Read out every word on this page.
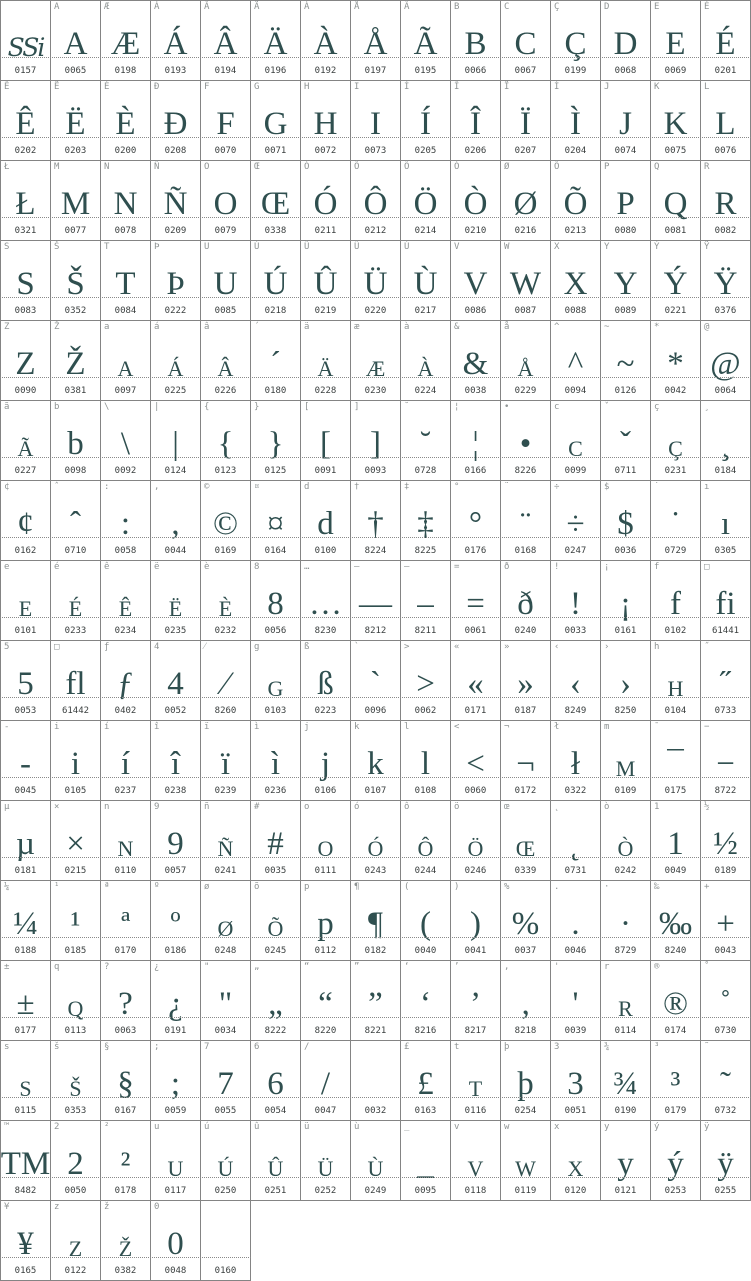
SSi
0157
A
A
0065
Æ
Æ
0198
Á
Á
0193
Â
Â
0194
Ä
Ä
0196
À
À
0192
Å
Å
0197
Ã
Ã
0195
B
B
0066
C
C
0067
Ç
Ç
0199
D
D
0068
E
E
0069
É
É
0201
Ê
Ê
0202
Ë
Ë
0203
È
È
0200
Ð
Ð
0208
F
F
0070
G
G
0071
H
H
0072
I
I
0073
Í
Í
0205
Î
Î
0206
Ï
Ï
0207
Ì
Ì
0204
J
J
0074
K
K
0075
L
L
0076
Ł
Ł
0321
M
M
0077
N
N
0078
Ñ
Ñ
0209
O
O
0079
Œ
Œ
0338
Ó
Ó
0211
Ô
Ô
0212
Ö
Ö
0214
Ò
Ò
0210
Ø
Ø
0216
Õ
Õ
0213
P
P
0080
Q
Q
0081
R
R
0082
S
S
0083
Š
Š
0352
T
T
0084
Þ
Þ
0222
U
U
0085
Ú
Ú
0218
Û
Û
0219
Ü
Ü
0220
Ù
Ù
0217
V
V
0086
W
W
0087
X
X
0088
Y
Y
0089
Ý
Ý
0221
Ÿ
Ÿ
0376
Z
Z
0090
Ž
Ž
0381
a
A
0097
á
Á
0225
â
Â
0226
´
´
0180
ä
Ä
0228
æ
Æ
0230
à
À
0224
&
&
0038
å
Å
0229
^
^
0094
~
~
0126
*
*
0042
@
@
0064
ã
Ã
0227
b
b
0098
\
\
0092
|
|
0124
{
{
0123
}
}
0125
[
[
0091
]
]
0093
˘
˘
0728
¦
¦
0166
•
•
8226
c
C
0099
ˇ
ˇ
0711
ç
Ç
0231
¸
¸
0184
¢
¢
0162
ˆ
ˆ
0710
:
:
0058
,
,
0044
©
©
0169
¤
¤
0164
d
d
0100
†
†
8224
‡
‡
8225
°
°
0176
¨
¨
0168
÷
÷
0247
$
$
0036
˙
˙
0729
ı
ı
0305
e
E
0101
é
É
0233
ê
Ê
0234
ë
Ë
0235
è
È
0232
8
8
0056
…
…
8230
—
—
8212
–
–
8211
=
=
0061
ð
ð
0240
!
!
0033
¡
¡
0161
f
f
0102
□
fi
61441
5
5
0053
□
fl
61442
ƒ
ƒ
0402
4
4
0052
⁄
⁄
8260
g
G
0103
ß
ß
0223
`
`
0096
>
>
0062
«
«
0171
»
»
0187
‹
‹
8249
›
›
8250
h
H
0104
˝
˝
0733
-
-
0045
i
i
0105
í
í
0237
î
î
0238
ï
ï
0239
ì
ì
0236
j
j
0106
k
k
0107
l
l
0108
<
<
0060
¬
¬
0172
ł
ł
0322
m
M
0109
¯
¯
0175
−
−
8722
µ
µ
0181
×
×
0215
n
N
0110
9
9
0057
ñ
Ñ
0241
#
#
0035
o
O
0111
ó
Ó
0243
ô
Ô
0244
ö
Ö
0246
œ
Œ
0339
˛
˛
0731
ò
Ò
0242
1
1
0049
½
½
0189
¼
¼
0188
¹
¹
0185
ª
ª
0170
º
º
0186
ø
Ø
0248
õ
Õ
0245
p
p
0112
¶
¶
0182
(
(
0040
)
)
0041
%
%
0037
.
.
0046
·
·
8729
‰
‰
8240
+
+
0043
±
±
0177
q
Q
0113
?
?
0063
¿
¿
0191
"
"
0034
„
„
8222
“
“
8220
”
”
8221
‘
‘
8216
’
’
8217
‚
‚
8218
'
'
0039
r
R
0114
®
®
0174
˚
˚
0730
s
S
0115
š
Š
0353
§
§
0167
;
;
0059
7
7
0055
6
6
0054
/
/
0047	0032
£
£
0163
t
T
0116
þ
þ
0254
3
3
0051
¾
¾
0190
³
³
0179
˜
˜
0732
™
TM
8482
2
2
0050
²
²
0178
u
U
0117
ú
Ú
0250
û
Û
0251
ü
Ü
0252
ù
Ù
0249
_
_
0095
v
V
0118
w
W
0119
x
X
0120
y
y
0121
ý
ý
0253
ÿ
ÿ
0255
¥
¥
0165
z
Z
0122
ž
Ž
0382
0
0
0048	0160
